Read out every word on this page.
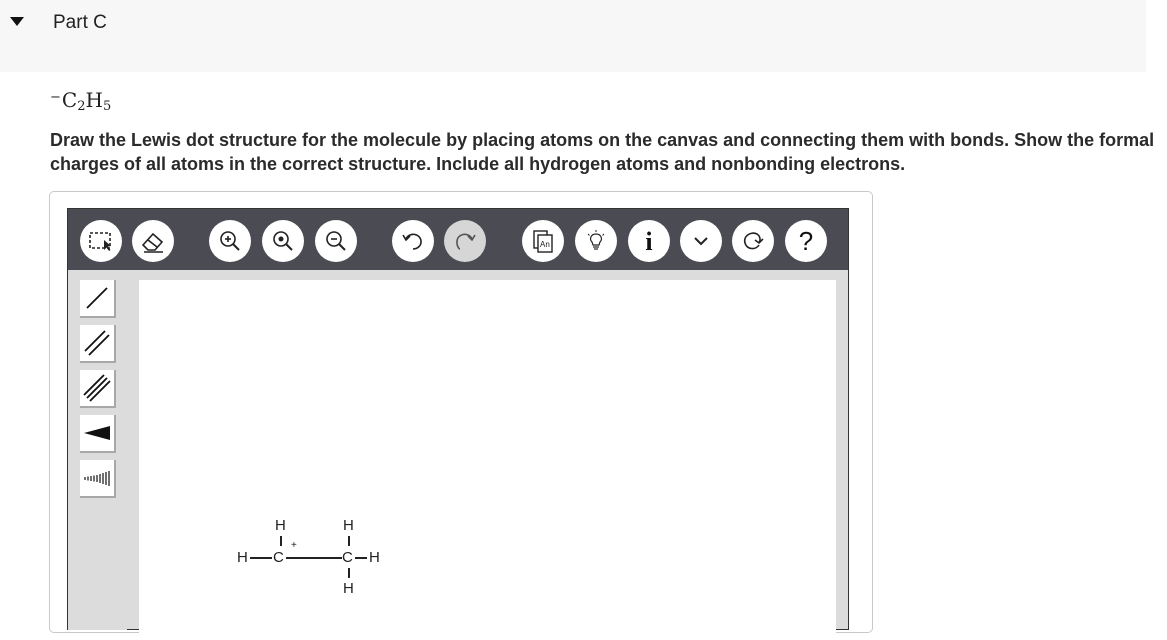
Part C
$^-C_2H_5$
Draw the Lewis dot structure for the molecule by placing atoms on the canvas and connecting them with bonds. Show the formal charges of all atoms in the correct structure. Include all hydrogen atoms and nonbonding electrons.
An	i	?
H C
+
H
C
H
H
H
